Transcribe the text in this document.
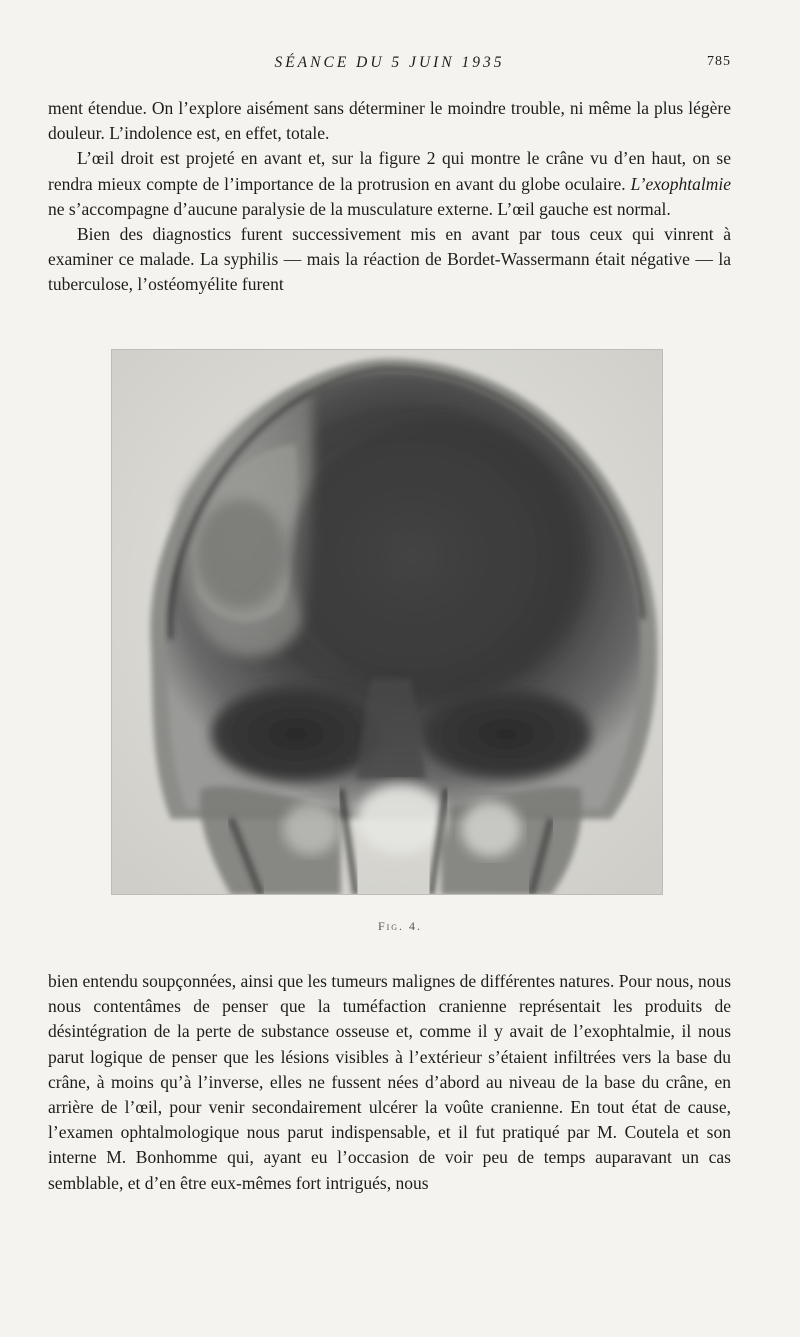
SÉANCE DU 5 JUIN 1935	785

ment étendue. On l’explore aisément sans déterminer le moindre trouble, ni même la plus légère douleur. L’indolence est, en effet, totale.

L’œil droit est projeté en avant et, sur la figure 2 qui montre le crâne vu d’en haut, on se rendra mieux compte de l’importance de la protrusion en avant du globe oculaire. L’exophtalmie ne s’accompagne d’aucune paralysie de la musculature externe. L’œil gauche est normal.

Bien des diagnostics furent successivement mis en avant par tous ceux qui vinrent à examiner ce malade. La syphilis — mais la réaction de Bordet-Wassermann était négative — la tuberculose, l’ostéomyélite furent

Fig. 4.

bien entendu soupçonnées, ainsi que les tumeurs malignes de différentes natures. Pour nous, nous nous contentâmes de penser que la tuméfaction cranienne représentait les produits de désintégration de la perte de substance osseuse et, comme il y avait de l’exophtalmie, il nous parut logique de penser que les lésions visibles à l’extérieur s’étaient infiltrées vers la base du crâne, à moins qu’à l’inverse, elles ne fussent nées d’abord au niveau de la base du crâne, en arrière de l’œil, pour venir secondairement ulcérer la voûte cranienne. En tout état de cause, l’examen ophtalmologique nous parut indispensable, et il fut pratiqué par M. Coutela et son interne M. Bonhomme qui, ayant eu l’occasion de voir peu de temps auparavant un cas semblable, et d’en être eux-mêmes fort intrigués, nous
